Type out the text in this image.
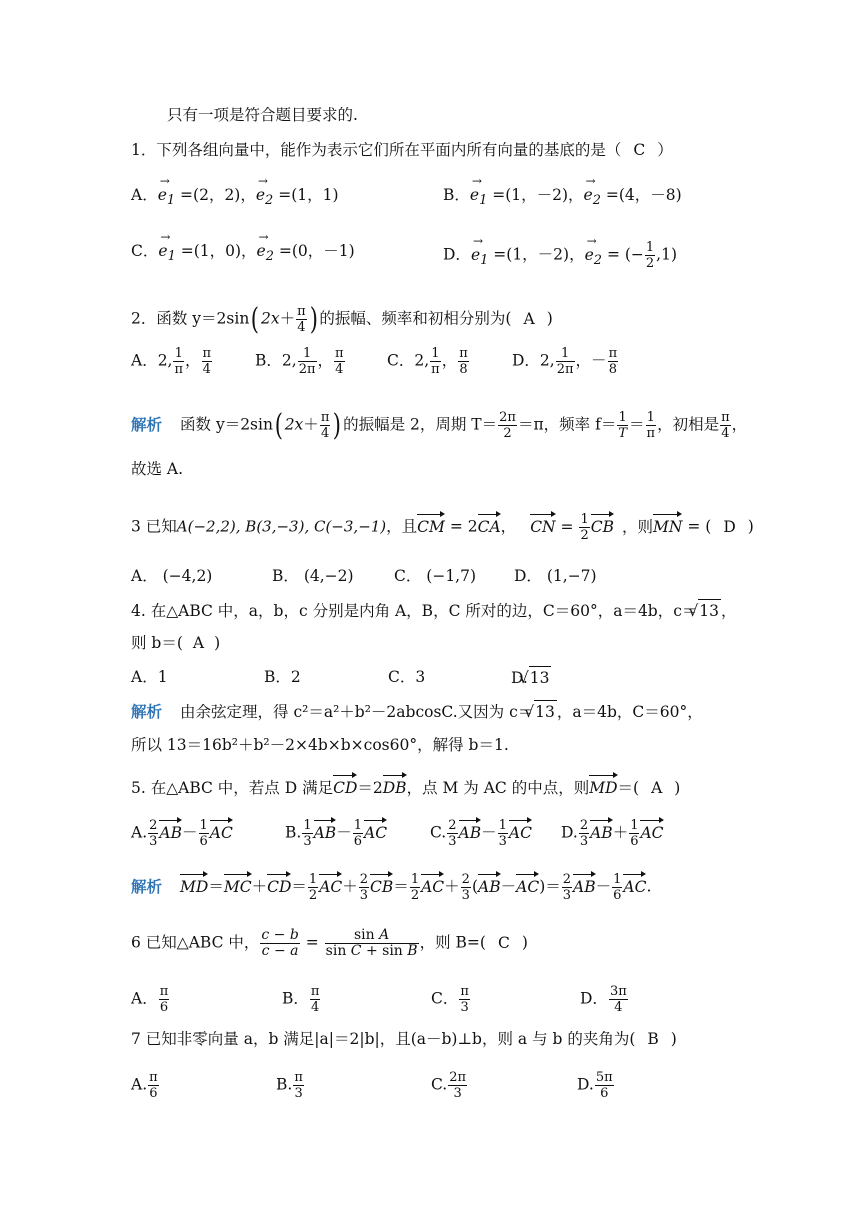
只有一项是符合题目要求的.
1．下列各组向量中，能作为表示它们所在平面内所有向量的基底的是（ C ）
A．→ $e_1 =(2$，2)，→ $e_2 =(1$，1)	B．→ $e_1 =(1$，－2)，→ $e_2 =(4$，－8)
C．→ $e_1 =(1$，0)，→ $e_2 =(0$，－1)	D．→ $e_1 =(1$，－2)，→ $e_2$ = (− $\frac{1}{2} ,1$)
2．函数 y＝2sin( $2x+ \frac{\pi}{4}$ ) 的振幅、频率和初相分别为( A )
A．2, $\frac{1}{\pi}$ ， $\frac{\pi}{4}$	B．2, $\frac{1}{2\pi}$ ， $\frac{\pi}{4}$	C．2, $\frac{1}{\pi}$ ， $\frac{\pi}{8}$	D．2, $\frac{1}{2\pi}$ ，－ $\frac{\pi}{8}$
解析 函数 y＝2sin( $2x+ \frac{\pi}{4}$ ) 的振幅是 2，周期 $T= \frac{2\pi}{2} =\pi$，频率 $f= \frac{1}{T} = \frac{1}{\pi}$ ，初相是 $\frac{\pi}{4}$ ，
故选 A.
3 已知A(−2,2), B(3,−3), C(−3,−1)，且CM = 2CA， CN = $\frac{1}{2}$ CB ，则MN = ( D )
A． (−4,2)	B． (4,−2)	C． (−1,7) D． (1,−7)
4. 在△ABC 中，a，b，c 分别是内角 A，B，C 所对的边，C＝60°，a＝4b，c＝ √ 13 ，
则 b＝( A )
A．1	B．2	C．3	D. √ 13
解析 由余弦定理，得 c²＝a²＋b²－2abcosC.又因为 c＝ √ 13 ，a＝4b，C＝60°，
所以 13＝16b²＋b²－2×4b×b×cos60°，解得 b＝1.
5. 在△ABC 中，若点 D 满足CD＝2DB，点 M 为 AC 的中点，则MD＝( A )
A. $\frac{2}{3} AB- \frac{1}{6}$ AC	B. $\frac{1}{3} AB- \frac{1}{6}$ AC	C. $\frac{2}{3} AB- \frac{1}{3}$ AC D. $\frac{2}{3} AB+ \frac{1}{6}$ AC
解析 $MD=MC+CD= \frac{1}{2} AC+ \frac{2}{3} CB= \frac{1}{2} AC+ \frac{2}{3} (AB-AC)= \frac{2}{3} AB- \frac{1}{6}$ AC.
6 已知△ABC 中， $\frac{c - b}{c - a} = \frac{\text{sin A}}{\text{sin C + sin B}}$ ，则 B=( C )
A． $\frac{\pi}{6}$	B． $\frac{\pi}{4}$	C． $\frac{\pi}{3}$	D． $\frac{3\pi}{4}$
7 已知非零向量 a，b 满足|a|＝2|b|，且(a－b)⊥b，则 a 与 b 的夹角为( B )
A. $\frac{\pi}{6}$	B. $\frac{\pi}{3}$	C. $\frac{2\pi}{3}$	D. $\frac{5\pi}{6}$
